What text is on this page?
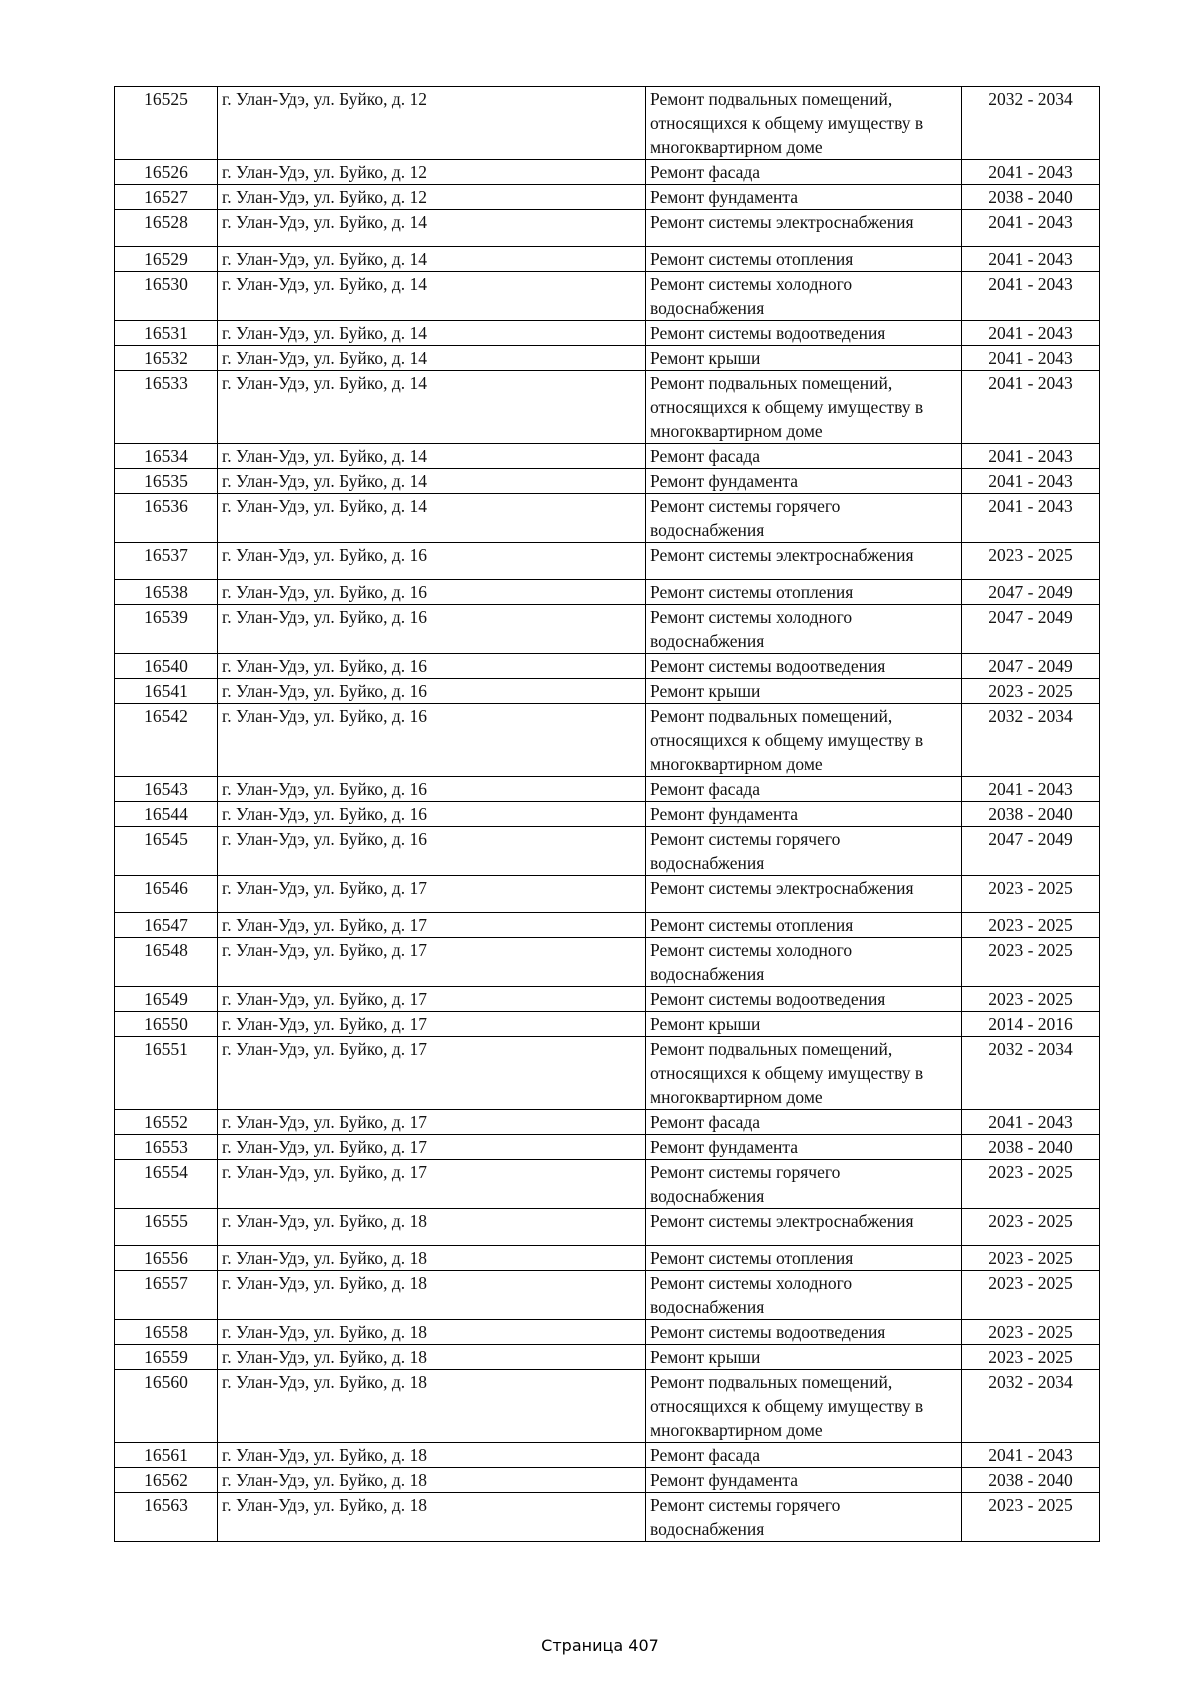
16525	г. Улан-Удэ, ул. Буйко, д. 12	Ремонт подвальных помещений, относящихся к общему имуществу в многоквартирном доме	2032 - 2034
16526	г. Улан-Удэ, ул. Буйко, д. 12	Ремонт фасада	2041 - 2043
16527	г. Улан-Удэ, ул. Буйко, д. 12	Ремонт фундамента	2038 - 2040
16528	г. Улан-Удэ, ул. Буйко, д. 14	Ремонт системы электроснабжения	2041 - 2043
16529	г. Улан-Удэ, ул. Буйко, д. 14	Ремонт системы отопления	2041 - 2043
16530	г. Улан-Удэ, ул. Буйко, д. 14	Ремонт системы холодного водоснабжения	2041 - 2043
16531	г. Улан-Удэ, ул. Буйко, д. 14	Ремонт системы водоотведения	2041 - 2043
16532	г. Улан-Удэ, ул. Буйко, д. 14	Ремонт крыши	2041 - 2043
16533	г. Улан-Удэ, ул. Буйко, д. 14	Ремонт подвальных помещений, относящихся к общему имуществу в многоквартирном доме	2041 - 2043
16534	г. Улан-Удэ, ул. Буйко, д. 14	Ремонт фасада	2041 - 2043
16535	г. Улан-Удэ, ул. Буйко, д. 14	Ремонт фундамента	2041 - 2043
16536	г. Улан-Удэ, ул. Буйко, д. 14	Ремонт системы горячего водоснабжения	2041 - 2043
16537	г. Улан-Удэ, ул. Буйко, д. 16	Ремонт системы электроснабжения	2023 - 2025
16538	г. Улан-Удэ, ул. Буйко, д. 16	Ремонт системы отопления	2047 - 2049
16539	г. Улан-Удэ, ул. Буйко, д. 16	Ремонт системы холодного водоснабжения	2047 - 2049
16540	г. Улан-Удэ, ул. Буйко, д. 16	Ремонт системы водоотведения	2047 - 2049
16541	г. Улан-Удэ, ул. Буйко, д. 16	Ремонт крыши	2023 - 2025
16542	г. Улан-Удэ, ул. Буйко, д. 16	Ремонт подвальных помещений, относящихся к общему имуществу в многоквартирном доме	2032 - 2034
16543	г. Улан-Удэ, ул. Буйко, д. 16	Ремонт фасада	2041 - 2043
16544	г. Улан-Удэ, ул. Буйко, д. 16	Ремонт фундамента	2038 - 2040
16545	г. Улан-Удэ, ул. Буйко, д. 16	Ремонт системы горячего водоснабжения	2047 - 2049
16546	г. Улан-Удэ, ул. Буйко, д. 17	Ремонт системы электроснабжения	2023 - 2025
16547	г. Улан-Удэ, ул. Буйко, д. 17	Ремонт системы отопления	2023 - 2025
16548	г. Улан-Удэ, ул. Буйко, д. 17	Ремонт системы холодного водоснабжения	2023 - 2025
16549	г. Улан-Удэ, ул. Буйко, д. 17	Ремонт системы водоотведения	2023 - 2025
16550	г. Улан-Удэ, ул. Буйко, д. 17	Ремонт крыши	2014 - 2016
16551	г. Улан-Удэ, ул. Буйко, д. 17	Ремонт подвальных помещений, относящихся к общему имуществу в многоквартирном доме	2032 - 2034
16552	г. Улан-Удэ, ул. Буйко, д. 17	Ремонт фасада	2041 - 2043
16553	г. Улан-Удэ, ул. Буйко, д. 17	Ремонт фундамента	2038 - 2040
16554	г. Улан-Удэ, ул. Буйко, д. 17	Ремонт системы горячего водоснабжения	2023 - 2025
16555	г. Улан-Удэ, ул. Буйко, д. 18	Ремонт системы электроснабжения	2023 - 2025
16556	г. Улан-Удэ, ул. Буйко, д. 18	Ремонт системы отопления	2023 - 2025
16557	г. Улан-Удэ, ул. Буйко, д. 18	Ремонт системы холодного водоснабжения	2023 - 2025
16558	г. Улан-Удэ, ул. Буйко, д. 18	Ремонт системы водоотведения	2023 - 2025
16559	г. Улан-Удэ, ул. Буйко, д. 18	Ремонт крыши	2023 - 2025
16560	г. Улан-Удэ, ул. Буйко, д. 18	Ремонт подвальных помещений, относящихся к общему имуществу в многоквартирном доме	2032 - 2034
16561	г. Улан-Удэ, ул. Буйко, д. 18	Ремонт фасада	2041 - 2043
16562	г. Улан-Удэ, ул. Буйко, д. 18	Ремонт фундамента	2038 - 2040
16563	г. Улан-Удэ, ул. Буйко, д. 18	Ремонт системы горячего водоснабжения	2023 - 2025
Страница 407
